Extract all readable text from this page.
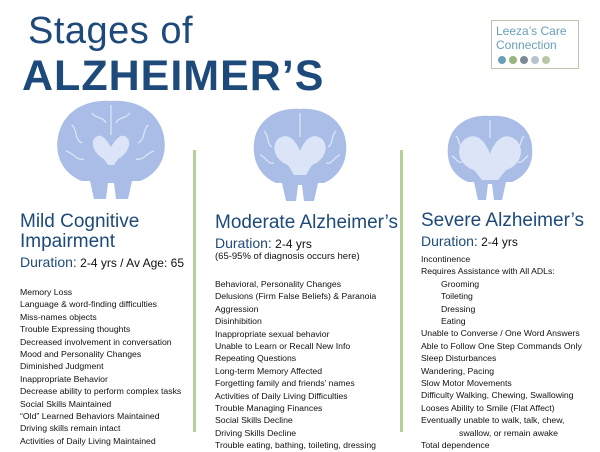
Stages of
ALZHEIMER’S
Leeza’s Care
Connection
Mild Cognitive Impairment
Duration: 2-4 yrs / Av Age: 65
Memory Loss
Language & word-finding difficulties
Miss-names objects
Trouble Expressing thoughts
Decreased involvement in conversation
Mood and Personality Changes
Diminished Judgment
Inappropriate Behavior
Decrease ability to perform complex tasks
Social Skills Maintained
“Old” Learned Behaviors Maintained
Driving skills remain intact
Activities of Daily Living Maintained
Moderate Alzheimer’s
Duration: 2-4 yrs
(65-95% of diagnosis occurs here)
Behavioral, Personality Changes
Delusions (Firm False Beliefs) & Paranoia
Aggression
Disinhibition
Inappropriate sexual behavior
Unable to Learn or Recall New Info
Repeating Questions
Long-term Memory Affected
Forgetting family and friends’ names
Activities of Daily Living Difficulties
Trouble Managing Finances
Social Skills Decline
Driving Skills Decline
Trouble eating, bathing, toileting, dressing
Severe Alzheimer’s
Duration: 2-4 yrs
Incontinence
Requires Assistance with All ADLs:
Grooming
Toileting
Dressing
Eating
Unable to Converse / One Word Answers
Able to Follow One Step Commands Only
Sleep Disturbances
Wandering, Pacing
Slow Motor Movements
Difficulty Walking, Chewing, Swallowing
Looses Ability to Smile (Flat Affect)
Eventually unable to walk, talk, chew,
swallow, or remain awake
Total dependence
